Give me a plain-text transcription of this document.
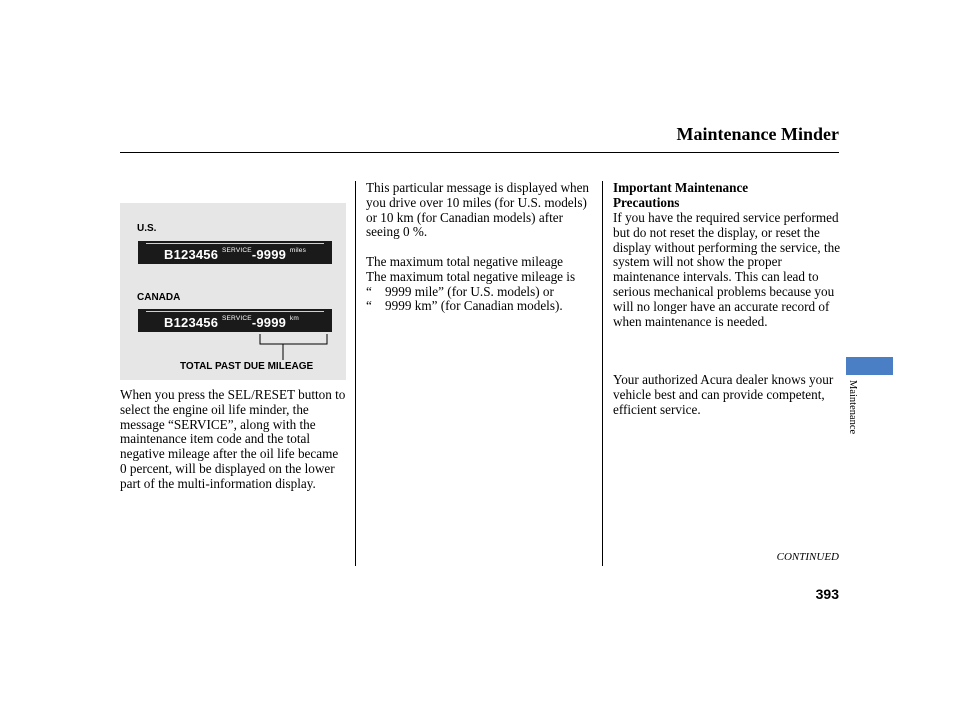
Maintenance Minder
U.S.
B123456 $^{SERVICE}$-9999 $^{miles}$
CANADA
B123456 $^{SERVICE}$-9999 $^{km}$
TOTAL PAST DUE MILEAGE
When you press the SEL/RESET button to select the engine oil life minder, the message “SERVICE”, along with the maintenance item code and the total negative mileage after the oil life became 0 percent, will be displayed on the lower part of the multi-information display.
This particular message is displayed when you drive over 10 miles (for U.S. models) or 10 km (for Canadian models) after seeing 0 %.
The maximum total negative mileage
The maximum total negative mileage is “ 9999 mile” (for U.S. models) or
“ 9999 km” (for Canadian models).
Important Maintenance
Precautions
If you have the required service performed but do not reset the display, or reset the display without performing the service, the system will not show the proper maintenance intervals. This can lead to serious mechanical problems because you will no longer have an accurate record of when maintenance is needed.
Your authorized Acura dealer knows your vehicle best and can provide competent, efficient service.	Maintenance
CONTINUED
393
